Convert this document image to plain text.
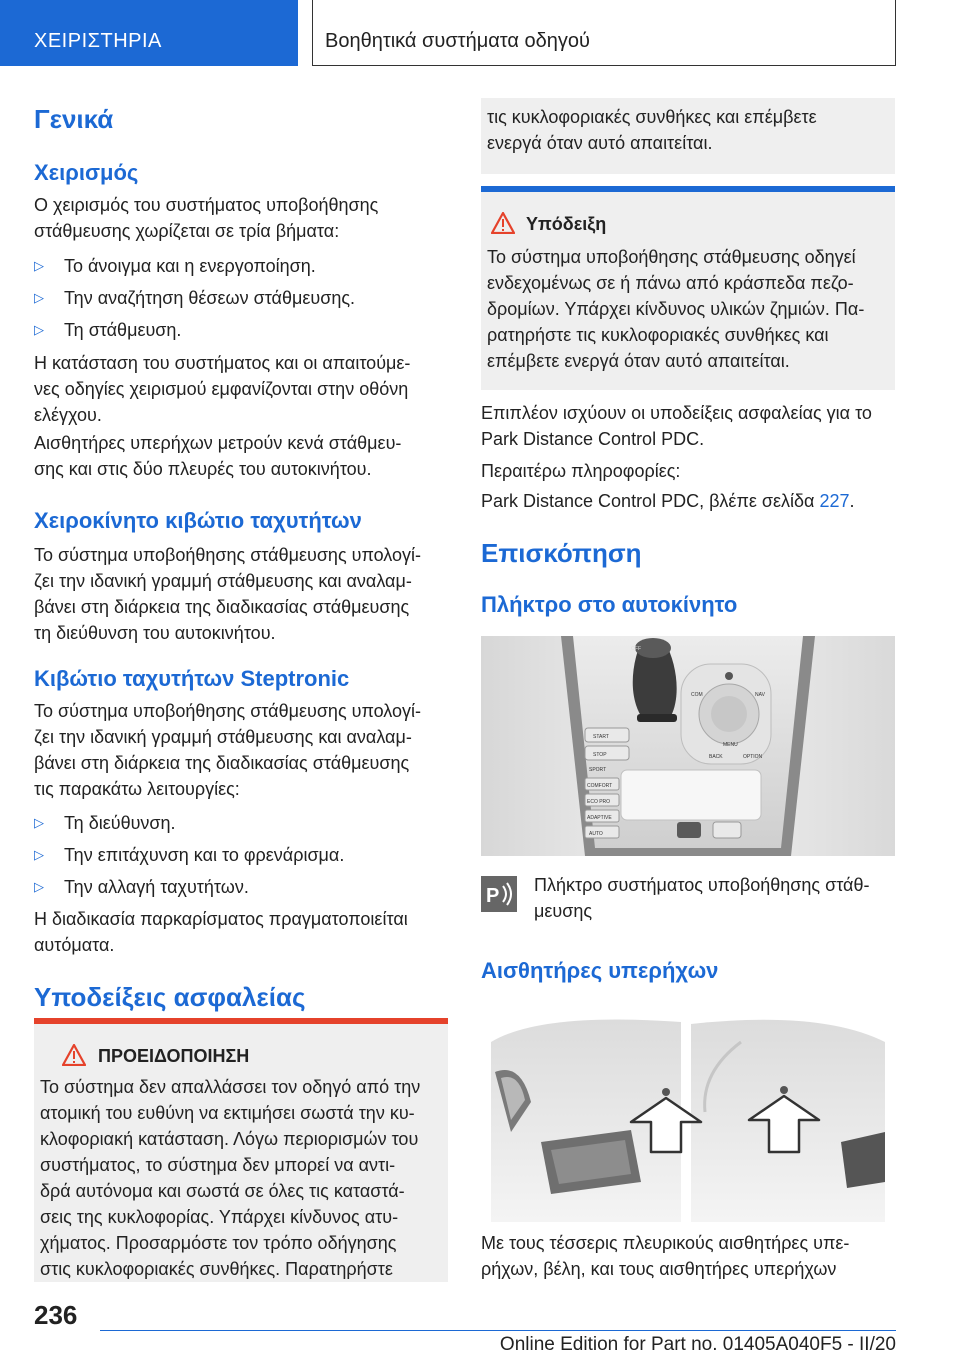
ΧΕΙΡΙΣΤΗΡΙΑ	Βοηθητικά συστήματα οδηγού
Γενικά
Χειρισμός

Ο χειρισμός του συστήματος υποβοήθησης
στάθμευσης χωρίζεται σε τρία βήματα:

▷ Το άνοιγμα και η ενεργοποίηση.
▷ Την αναζήτηση θέσεων στάθμευσης.
▷ Τη στάθμευση.

Η κατάσταση του συστήματος και οι απαιτούμε-
νες οδηγίες χειρισμού εμφανίζονται στην οθόνη
ελέγχου.

Αισθητήρες υπερήχων μετρούν κενά στάθμευ-
σης και στις δύο πλευρές του αυτοκινήτου.

Χειροκίνητο κιβώτιο ταχυτήτων

Το σύστημα υποβοήθησης στάθμευσης υπολογί-
ζει την ιδανική γραμμή στάθμευσης και αναλαμ-
βάνει στη διάρκεια της διαδικασίας στάθμευσης
τη διεύθυνση του αυτοκινήτου.

Κιβώτιο ταχυτήτων Steptronic

Το σύστημα υποβοήθησης στάθμευσης υπολογί-
ζει την ιδανική γραμμή στάθμευσης και αναλαμ-
βάνει στη διάρκεια της διαδικασίας στάθμευσης
τις παρακάτω λειτουργίες:

▷ Τη διεύθυνση.
▷ Την επιτάχυνση και το φρενάρισμα.
▷ Την αλλαγή ταχυτήτων.

Η διαδικασία παρκαρίσματος πραγματοποιείται
αυτόματα.

Υποδείξεις ασφαλείας
ΠΡΟΕΙΔΟΠΟΙΗΣΗ

Το σύστημα δεν απαλλάσσει τον οδηγό από την
ατομική του ευθύνη να εκτιμήσει σωστά την κυ-
κλοφοριακή κατάσταση. Λόγω περιορισμών του
συστήματος, το σύστημα δεν μπορεί να αντι-
δρά αυτόνομα και σωστά σε όλες τις καταστά-
σεις της κυκλοφορίας. Υπάρχει κίνδυνος ατυ-
χήματος. Προσαρμόστε τον τρόπο οδήγησης
στις κυκλοφοριακές συνθήκες. Παρατηρήστε

τις κυκλοφοριακές συνθήκες και επέμβετε
ενεργά όταν αυτό απαιτείται.

Υπόδειξη

Το σύστημα υποβοήθησης στάθμευσης οδηγεί
ενδεχομένως σε ή πάνω από κράσπεδα πεζο-
δρομίων. Υπάρχει κίνδυνος υλικών ζημιών. Πα-
ρατηρήστε τις κυκλοφοριακές συνθήκες και
επέμβετε ενεργά όταν αυτό απαιτείται.

Επιπλέον ισχύουν οι υποδείξεις ασφαλείας για το
Park Distance Control PDC.

Περαιτέρω πληροφορίες:

Park Distance Control PDC, βλέπε σελίδα 227.

Επισκόπηση
Πλήκτρο στο αυτοκίνητο
START
STOP
COMFORT
SPORT
ECO PRO
ADAPTIVE
AUTO
COM	NAV
MENU
BACK	OPTION
OFF
P Πλήκτρο συστήματος υποβοήθησης στάθ-
μευσης

Αισθητήρες υπερήχων

Με τους τέσσερις πλευρικούς αισθητήρες υπε-
ρήχων, βέλη, και τους αισθητήρες υπερήχων

236
Online Edition for Part no. 01405A040F5 - II/20
